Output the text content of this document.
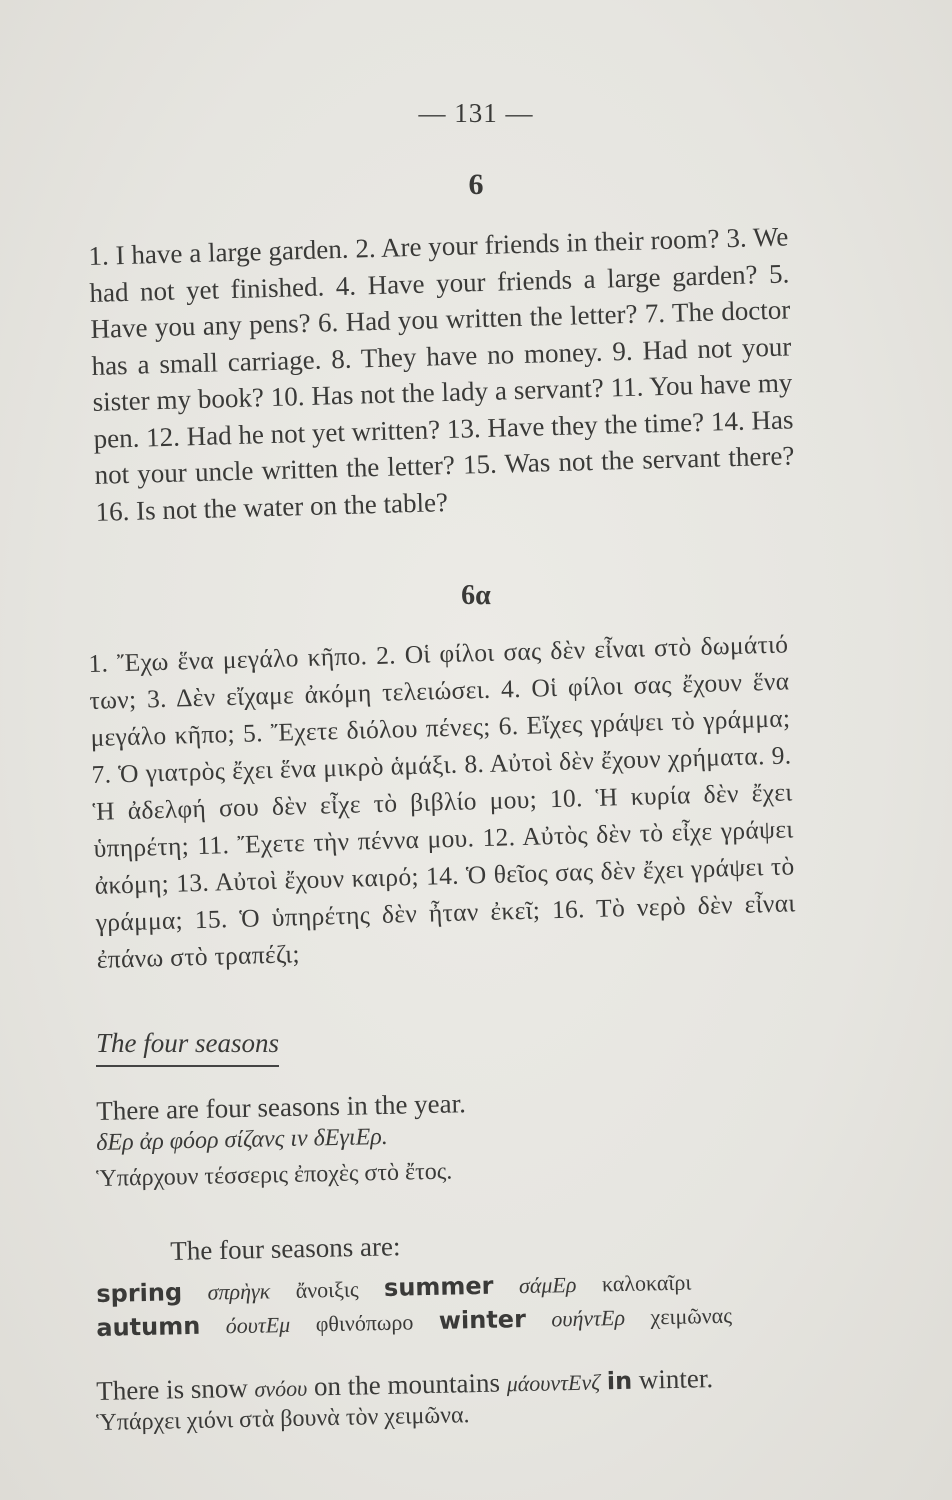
— 131 —
6
1. I have a large garden. 2. Are your friends in their room? 3. We had not yet finished. 4. Have your friends a large garden? 5. Have you any pens? 6. Had you written the letter? 7. The doctor has a small carriage. 8. They have no money. 9. Had not your sister my book? 10. Has not the lady a servant? 11. You have my pen. 12. Had he not yet written? 13. Have they the time? 14. Has not your uncle written the letter? 15. Was not the servant there? 16. Is not the water on the table?
6α
1. Ἔχω ἕνα μεγάλο κῆπο. 2. Οἱ φίλοι σας δὲν εἶναι στὸ δωμάτιό των; 3. Δὲν εἴχαμε ἀκόμη τελειώσει. 4. Οἱ φίλοι σας ἔχουν ἕνα μεγάλο κῆπο; 5. Ἔχετε διόλου πένες; 6. Εἴχες γράψει τὸ γράμμα; 7. Ὁ γιατρὸς ἔχει ἕνα μικρὸ ἁμάξι. 8. Αὐτοὶ δὲν ἔχουν χρήματα. 9. Ἡ ἀδελφή σου δὲν εἶχε τὸ βιβλίο μου; 10. Ἡ κυρία δὲν ἔχει ὑπηρέτη; 11. Ἔχετε τὴν πέννα μου. 12. Αὐτὸς δὲν τὸ εἶχε γράψει ἀκόμη; 13. Αὐτοὶ ἔχουν καιρό; 14. Ὁ θεῖος σας δὲν ἔχει γράψει τὸ γράμμα; 15. Ὁ ὑπηρέτης δὲν ἦταν ἐκεῖ; 16. Τὸ νερὸ δὲν εἶναι ἐπάνω στὸ τραπέζι;
The four seasons
There are four seasons in the year.
δΕρ ἀρ φόορ σίζανς ιν δΕγιΕρ.
Ὑπάρχουν τέσσερις ἐποχὲς στὸ ἔτος.
The four seasons are:
spring σπρὴγκ ἄνοιξις summer σάμΕρ καλοκαῖρι
autumn όουτΕμ φθινόπωρο winter ουήντΕρ χειμῶνας
There is snow σνόου on the mountains μάουντΕνζ in winter.
Ὑπάρχει χιόνι στὰ βουνὰ τὸν χειμῶνα.
